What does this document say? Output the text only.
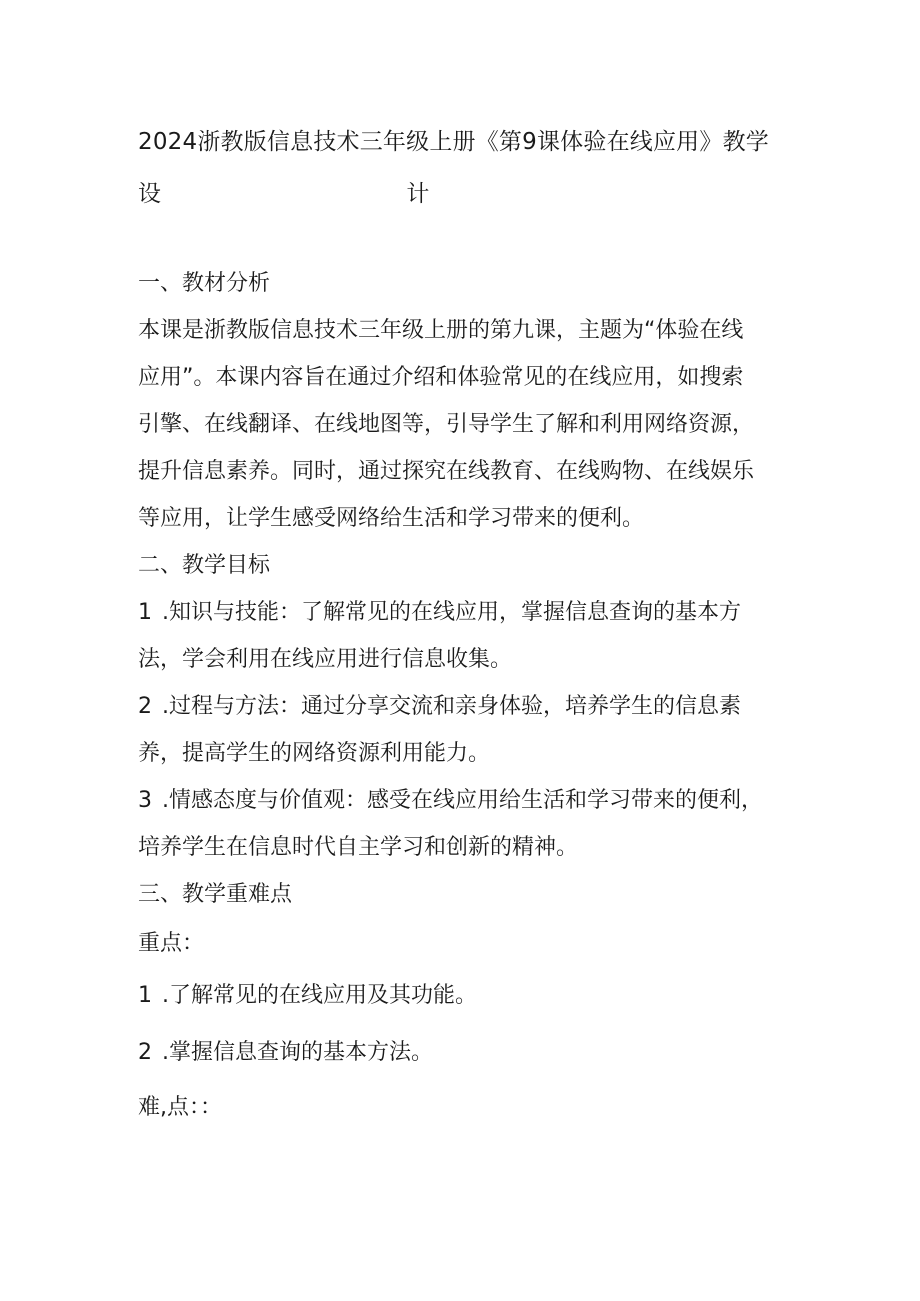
2024浙教版信息技术三年级上册《第9课体验在线应用》教学设	计
一、教材分析
本课是浙教版信息技术三年级上册的第九课，主题为“体验在线
应用”。本课内容旨在通过介绍和体验常见的在线应用，如搜索
引擎、在线翻译、在线地图等，引导学生了解和利用网络资源，
提升信息素养。同时，通过探究在线教育、在线购物、在线娱乐
等应用，让学生感受网络给生活和学习带来的便利。
二、教学目标
1 .知识与技能：了解常见的在线应用，掌握信息查询的基本方
法，学会利用在线应用进行信息收集。
2 .过程与方法：通过分享交流和亲身体验，培养学生的信息素
养，提高学生的网络资源利用能力。
3 .情感态度与价值观：感受在线应用给生活和学习带来的便利，
培养学生在信息时代自主学习和创新的精神。
三、教学重难点
重点：
1 .了解常见的在线应用及其功能。
2 .掌握信息查询的基本方法。
难,点：：
